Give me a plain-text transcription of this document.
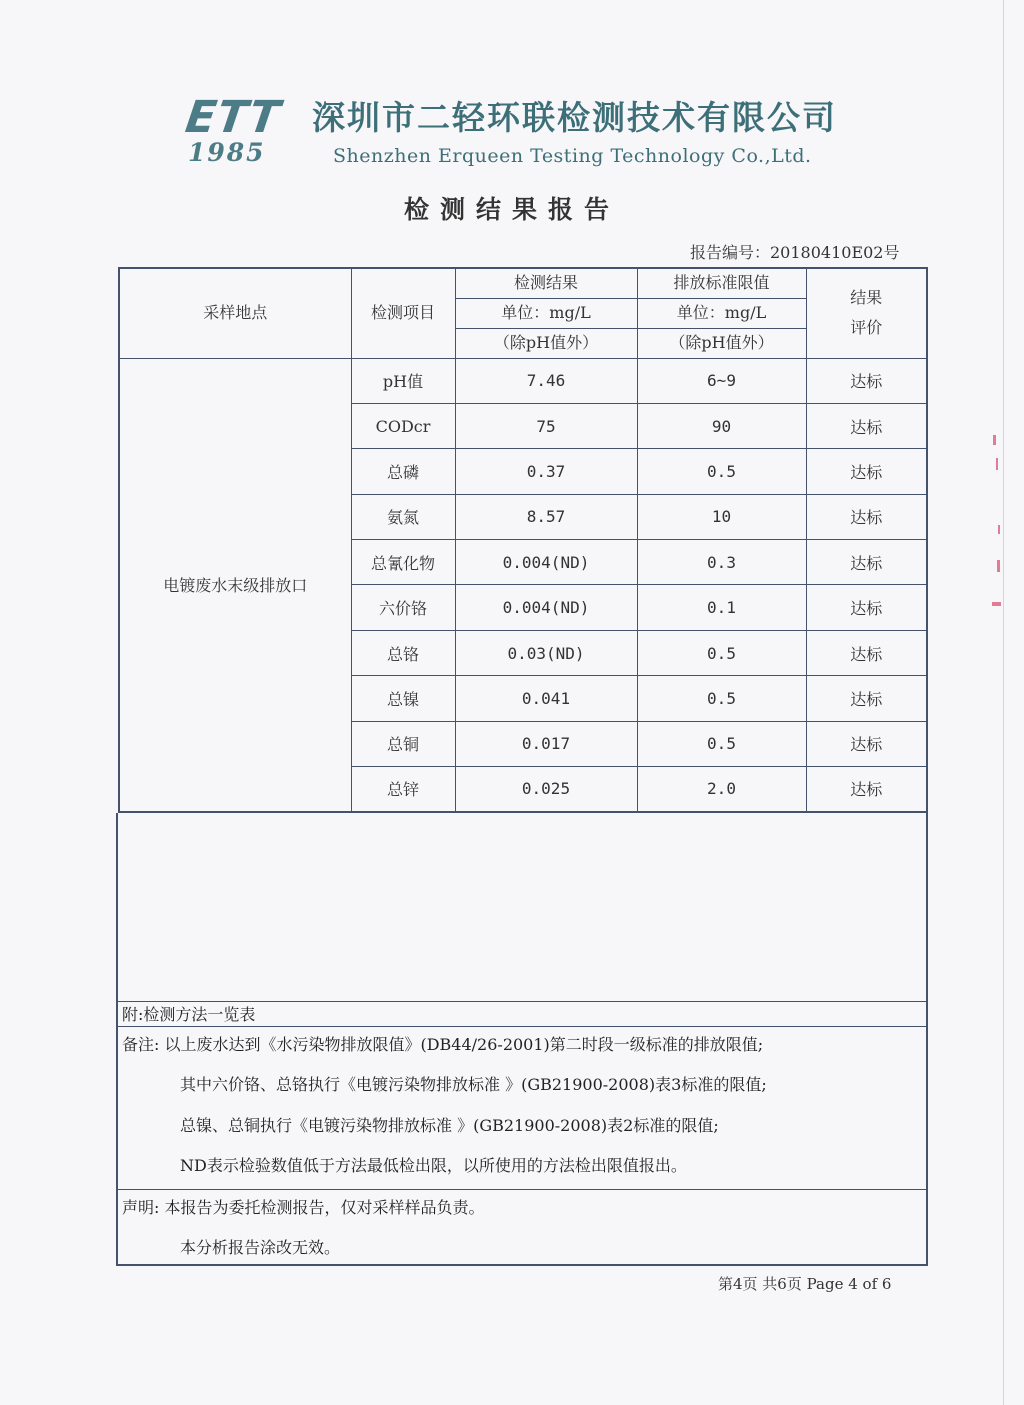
ETT
1985
深圳市二轻环联检测技术有限公司
Shenzhen Erqueen Testing Technology Co.,Ltd.
检测结果报告
报告编号：20180410E02号
采样地点	检测项目	检测结果	排放标准限值	结果
评价

		单位：mg/L	单位：mg/L	
		（除pH值外）	（除pH值外）	
电镀废水末级排放口	pH值	7.46	6~9	达标
	CODcr	75	90	达标
	总磷	0.37	0.5	达标
	氨氮	8.57	10	达标
	总氰化物	0.004(ND)	0.3	达标
	六价铬	0.004(ND)	0.1	达标
	总铬	0.03(ND)	0.5	达标
	总镍	0.041	0.5	达标
	总铜	0.017	0.5	达标
	总锌	0.025	2.0	达标
附:检测方法一览表
备注: 以上废水达到《水污染物排放限值》(DB44/26-2001)第二时段一级标准的排放限值;
其中六价铬、总铬执行《电镀污染物排放标准 》(GB21900-2008)表3标准的限值;
总镍、总铜执行《电镀污染物排放标准 》(GB21900-2008)表2标准的限值;
ND表示检验数值低于方法最低检出限，以所使用的方法检出限值报出。
声明: 本报告为委托检测报告，仅对采样样品负责。
本分析报告涂改无效。
第4页 共6页 Page 4 of 6
